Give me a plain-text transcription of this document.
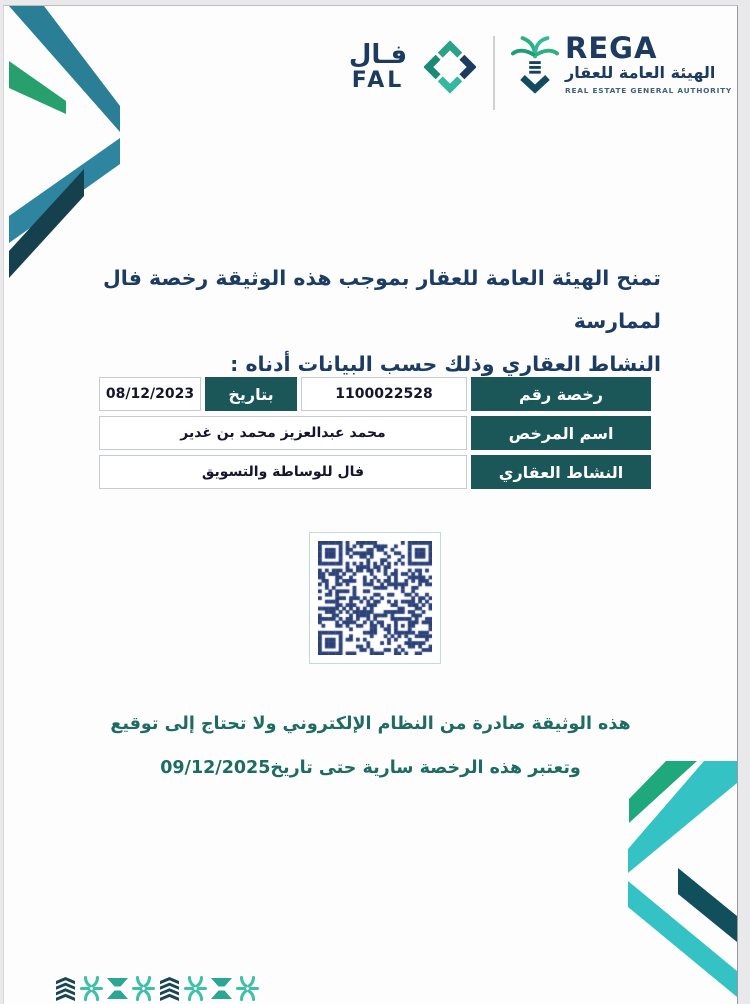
فـال
FAL
REGA
الهيئة العامة للعقار
REAL ESTATE GENERAL AUTHORITY
تمنح الهيئة العامة للعقار بموجب هذه الوثيقة رخصة فال لممارسة
النشاط العقاري وذلك حسب البيانات أدناه :
رخصة رقم
1100022528
بتاريخ
08/12/2023
اسم المرخص
محمد عبدالعزيز محمد بن غدير
النشاط العقاري
فال للوساطة والتسويق
هذه الوثيقة صادرة من النظام الإلكتروني ولا تحتاج إلى توقيع
وتعتبر هذه الرخصة سارية حتى تاريخ09/12/2025
